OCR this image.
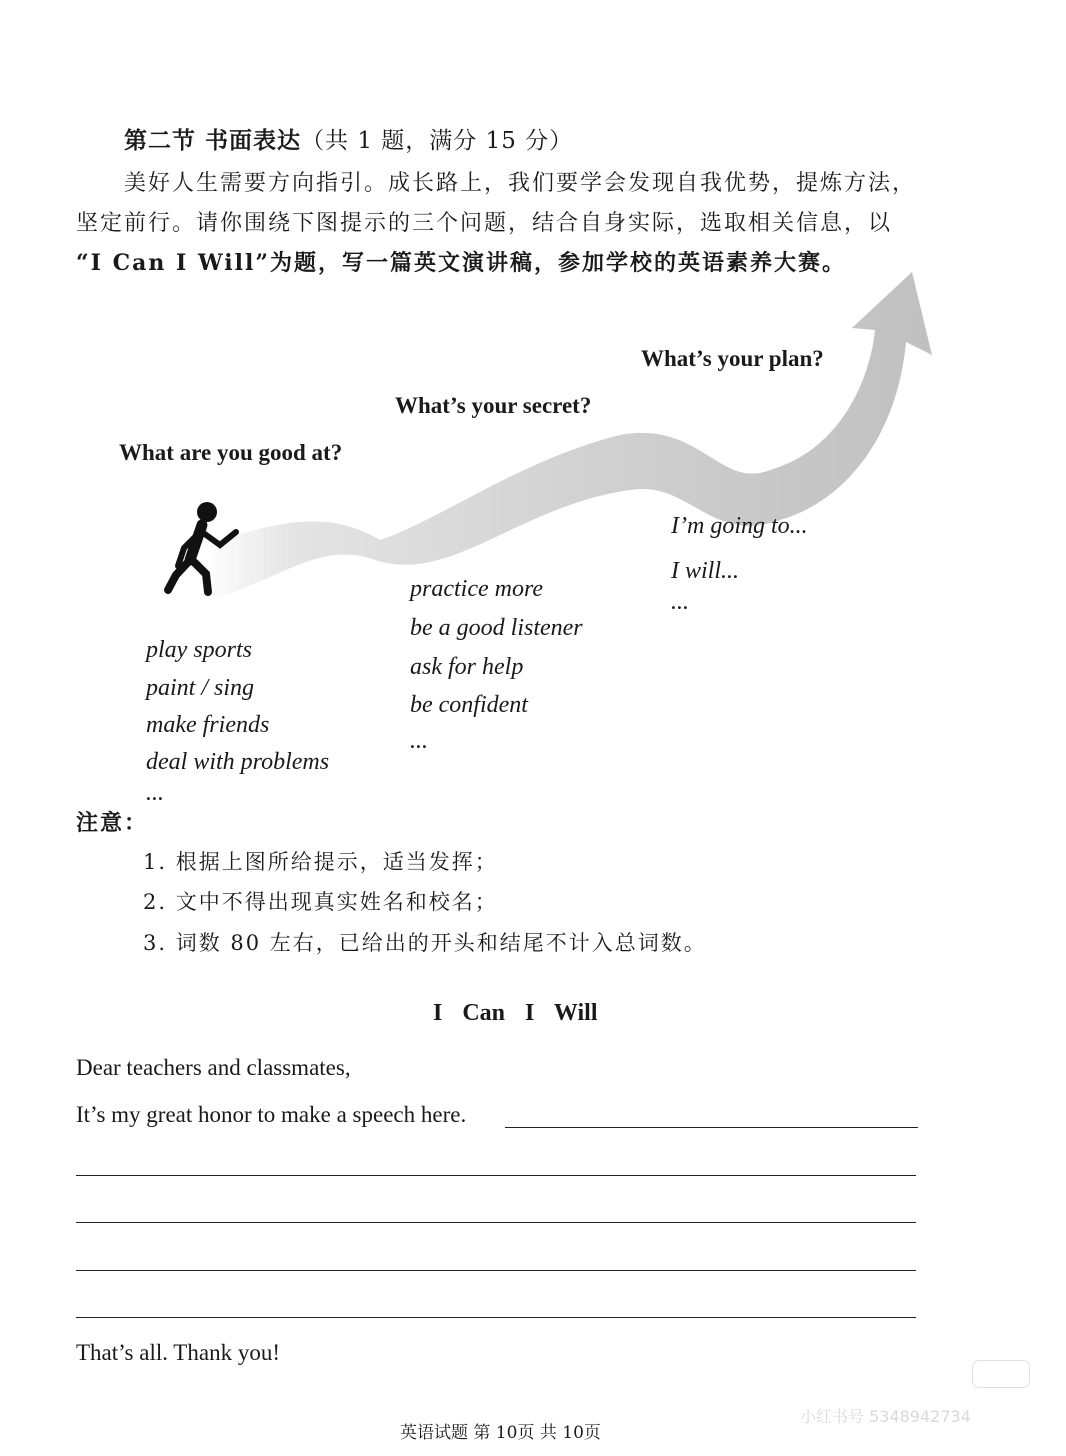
第二节 书面表达（共 1 题，满分 15 分）
美好人生需要方向指引。成长路上，我们要学会发现自我优势，提炼方法，
坚定前行。请你围绕下图提示的三个问题，结合自身实际，选取相关信息，以
“I Can I Will”为题，写一篇英文演讲稿，参加学校的英语素养大赛。
What are you good at?
What’s your secret?
What’s your plan?
play sports
paint / sing
make friends
deal with problems
...
practice more
be a good listener
ask for help
be confident
...
I’m going to...
I will...
...
注意：
1. 根据上图所给提示，适当发挥；
2. 文中不得出现真实姓名和校名；
3. 词数 80 左右，已给出的开头和结尾不计入总词数。
I Can I Will
Dear teachers and classmates,
It’s my great honor to make a speech here.
That’s all. Thank you!
英语试题 第 10页 共 10页
小红书号 5348942734
